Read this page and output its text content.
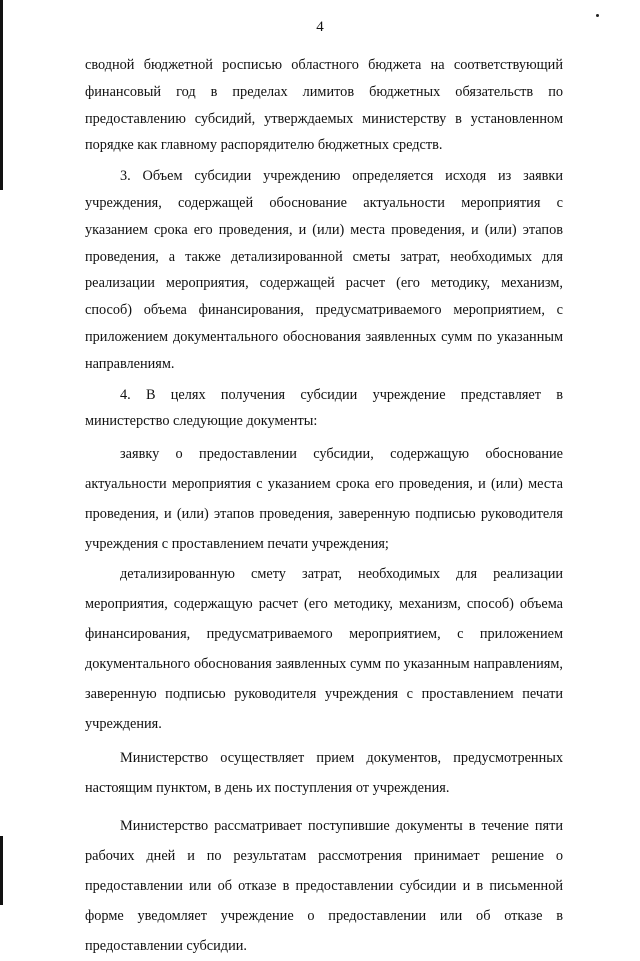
4

сводной бюджетной росписью областного бюджета на соответствующий финансовый год в пределах лимитов бюджетных обязательств по предоставлению субсидий, утверждаемых министерству в установленном порядке как главному распорядителю бюджетных средств.

3. Объем субсидии учреждению определяется исходя из заявки учреждения, содержащей обоснование актуальности мероприятия с указанием срока его проведения, и (или) места проведения, и (или) этапов проведения, а также детализированной сметы затрат, необходимых для реализации мероприятия, содержащей расчет (его методику, механизм, способ) объема финансирования, предусматриваемого мероприятием, с приложением документального обоснования заявленных сумм по указанным направлениям.

4. В целях получения субсидии учреждение представляет в министерство следующие документы:

заявку о предоставлении субсидии, содержащую обоснование актуальности мероприятия с указанием срока его проведения, и (или) места проведения, и (или) этапов проведения, заверенную подписью руководителя учреждения с проставлением печати учреждения;

детализированную смету затрат, необходимых для реализации мероприятия, содержащую расчет (его методику, механизм, способ) объема финансирования, предусматриваемого мероприятием, с приложением документального обоснования заявленных сумм по указанным направлениям, заверенную подписью руководителя учреждения с проставлением печати учреждения.

Министерство осуществляет прием документов, предусмотренных настоящим пунктом, в день их поступления от учреждения.

Министерство рассматривает поступившие документы в течение пяти рабочих дней и по результатам рассмотрения принимает решение о предоставлении или об отказе в предоставлении субсидии и в письменной форме уведомляет учреждение о предоставлении или об отказе в предоставлении субсидии.
